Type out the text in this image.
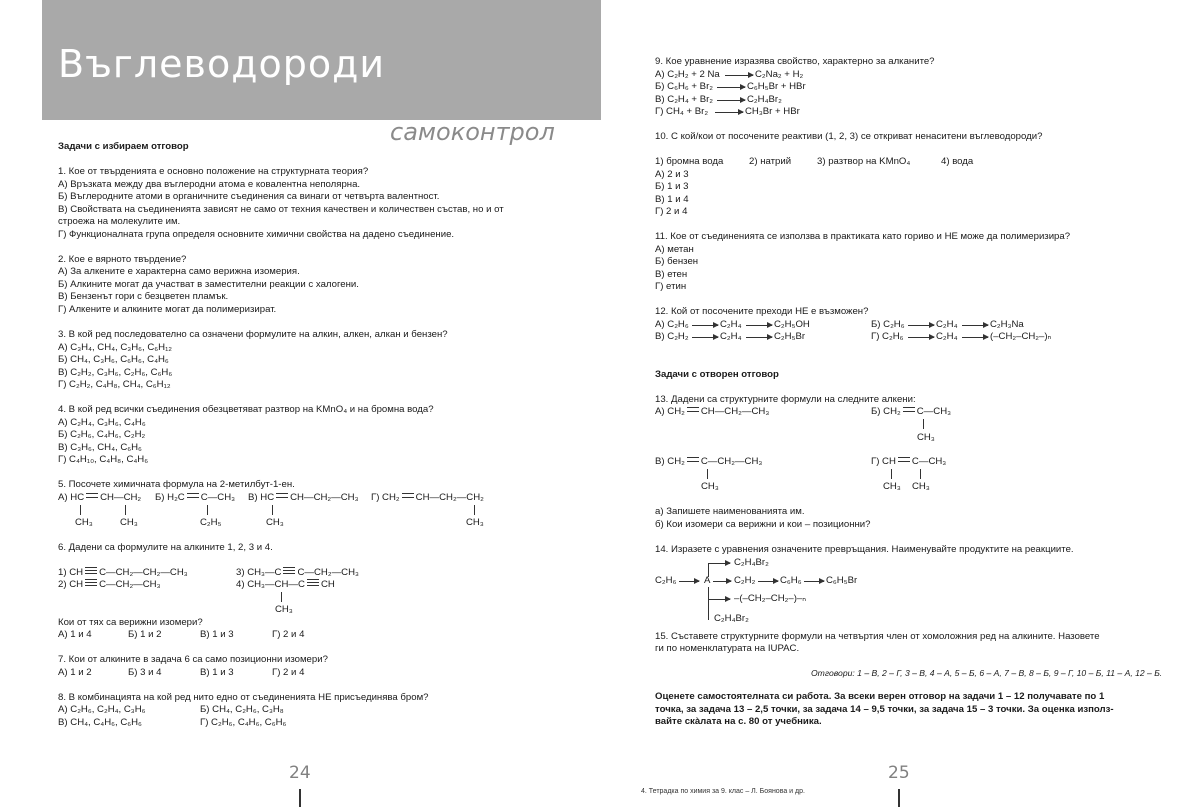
Въглеводороди
самоконтрол
Задачи с избираем отговор
1. Кое от твърденията е основно положение на структурната теория?
А) Връзката между два въглеродни атома е ковалентна неполярна.
Б) Въглеродните атоми в органичните съединения са винаги от четвърта валентност.
В) Свойствата на съединенията зависят не само от техния качествен и количествен състав, но и от
строежа на молекулите им.
Г) Функционалната група определя основните химични свойства на дадено съединение.
2. Кое е вярното твърдение?
А) За алкените е характерна само верижна изомерия.
Б) Алкините могат да участват в заместителни реакции с халогени.
В) Бензенът гори с безцветен пламък.
Г) Алкените и алкините могат да полимеризират.
3. В кой ред последователно са означени формулите на алкин, алкен, алкан и бензен?
А) C₃H₄, CH₄, C₃H₆, C₆H₁₂
Б) CH₄, C₃H₆, C₆H₆, C₄H₆
В) C₂H₂, C₃H₆, C₂H₆, C₆H₆
Г) C₂H₂, C₄H₈, CH₄, C₆H₁₂
4. В кой ред всички съединения обезцветяват разтвор на KMnO₄ и на бромна вода?
А) C₂H₄, C₃H₆, C₄H₆
Б) C₂H₆, C₄H₆, C₂H₂
В) C₃H₆, CH₄, C₆H₆
Г) C₄H₁₀, C₄H₈, C₄H₆
5. Посочете химичната формула на 2-метилбут-1-ен.
А) HC CH—CH₂
CH₃	CH₃
Б) H₂C C—CH₃
C₂H₅
В) HC CH—CH₂—CH₃
CH₃
Г) CH₂ CH—CH₂—CH₂
CH₃
6. Дадени са формулите на алкините 1, 2, 3 и 4.
1) CH C—CH₂—CH₂—CH₃
2) CH C—CH₂—CH₃
3) CH₃—C C—CH₂—CH₃
4) CH₃—CH—C CH
CH₃
Кои от тях са верижни изомери?
А) 1 и 4	Б) 1 и 2	В) 1 и 3	Г) 2 и 4
7. Кои от алкините в задача 6 са само позиционни изомери?
А) 1 и 2	Б) 3 и 4	В) 1 и 3	Г) 2 и 4
8. В комбинацията на кой ред нито едно от съединенията НЕ присъединява бром?
А) C₂H₆, C₂H₄, C₃H₆	Б) CH₄, C₂H₆, C₃H₈
В) CH₄, C₄H₆, C₆H₆	Г) C₂H₆, C₄H₆, C₆H₆
24
9. Кое уравнение изразява свойство, характерно за алканите?
А) C₂H₂ + 2 Na	C₂Na₂ + H₂
Б) C₆H₆ + Br₂	C₆H₅Br + HBr
В) C₂H₄ + Br₂	C₂H₄Br₂
Г) CH₄ + Br₂	CH₃Br + HBr
10. С кой/кои от посочените реактиви (1, 2, 3) се откриват ненаситени въглеводороди?
1) бромна вода	2) натрий	3) разтвор на KMnO₄	4) вода
А) 2 и 3
Б) 1 и 3
В) 1 и 4
Г) 2 и 4
11. Кое от съединенията се използва в практиката като гориво и НЕ може да полимеризира?
А) метан
Б) бензен
В) етен
Г) етин
12. Кой от посочените преходи НЕ е възможен?
А) C₂H₆	C₂H₄	C₂H₅OH	Б) C₂H₆	C₂H₄	C₂H₃Na
В) C₂H₂	C₂H₄	C₂H₅Br	Г) C₂H₆	C₂H₄	(–CH₂–CH₂–)ₙ
Задачи с отворен отговор
13. Дадени са структурните формули на следните алкени:
А) CH₂ CH—CH₂—CH₃	Б) CH₂ C—CH₃
CH₃
В) CH₂ C—CH₂—CH₃
CH₃
Г) CH C—CH₃
CH₃ CH₃
а) Запишете наименованията им.
б) Кои изомери са верижни и кои – позиционни?
14. Изразете с уравнения означените превръщания. Наименувайте продуктите на реакциите.
C₂H₄Br₂
C₂H₆	A C₂H₂	C₆H₆	C₆H₅Br
–(–CH₂–CH₂–)–ₙ
C₂H₄Br₂
15. Съставете структурните формули на четвъртия член от хомоложния ред на алкините. Назовете
ги по номенклатурата на IUPAC.
Отговори: 1 – В, 2 – Г, 3 – В, 4 – А, 5 – Б, 6 – А, 7 – В, 8 – Б, 9 – Г, 10 – Б, 11 – А, 12 – Б.
Оценете самостоятелната си работа. За всеки верен отговор на задачи 1 – 12 получавате по 1
точка, за задача 13 – 2,5 точки, за задача 14 – 9,5 точки, за задача 15 – 3 точки. За оценка използ-
вайте скàлата на с. 80 от учебника.
25
4. Тетрадка по химия за 9. клас – Л. Боянова и др.
